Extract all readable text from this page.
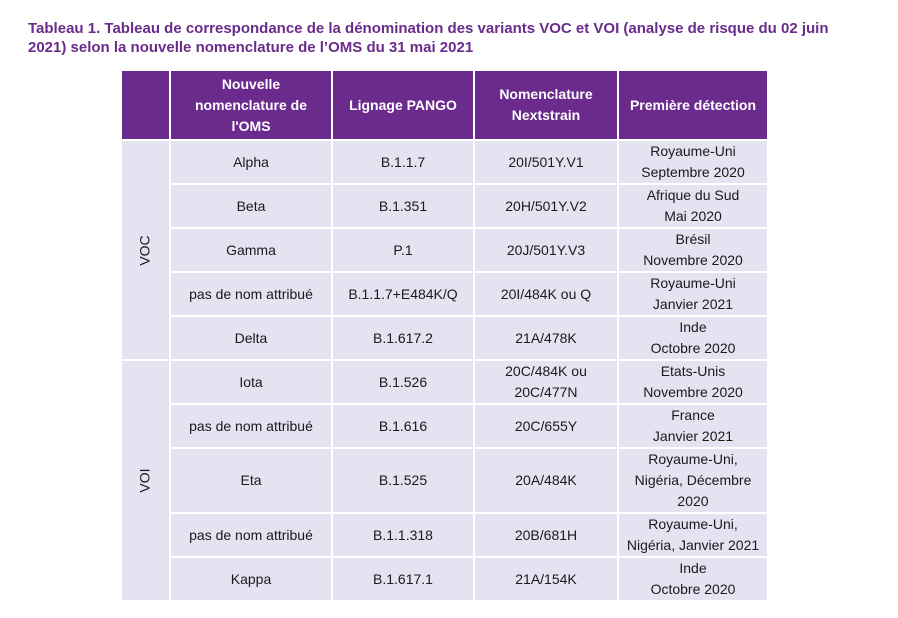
Tableau 1. Tableau de correspondance de la dénomination des variants VOC et VOI (analyse de risque du 02 juin 2021) selon la nouvelle nomenclature de l’OMS du 31 mai 2021

	Nouvelle
nomenclature de
l'OMS	Lignage PANGO	Nomenclature
Nextstrain	Première détection
VOC	Alpha	B.1.1.7	20I/501Y.V1	Royaume-Uni
Septembre 2020

	Beta	B.1.351	20H/501Y.V2	Afrique du Sud
Mai 2020

	Gamma	P.1	20J/501Y.V3	Brésil
Novembre 2020

	pas de nom attribué	B.1.1.7+E484K/Q	20I/484K ou Q	Royaume-Uni
Janvier 2021

	Delta	B.1.617.2	21A/478K	Inde
Octobre 2020

VOI	Iota	B.1.526	20C/484K ou
20C/477N	Etats-Unis
Novembre 2020

	pas de nom attribué	B.1.616	20C/655Y	France
Janvier 2021

	Eta	B.1.525	20A/484K	Royaume-Uni,
Nigéria, Décembre 2020

	pas de nom attribué	B.1.1.318	20B/681H	Royaume-Uni,
Nigéria, Janvier 2021

	Kappa	B.1.617.1	21A/154K	Inde
Octobre 2020
